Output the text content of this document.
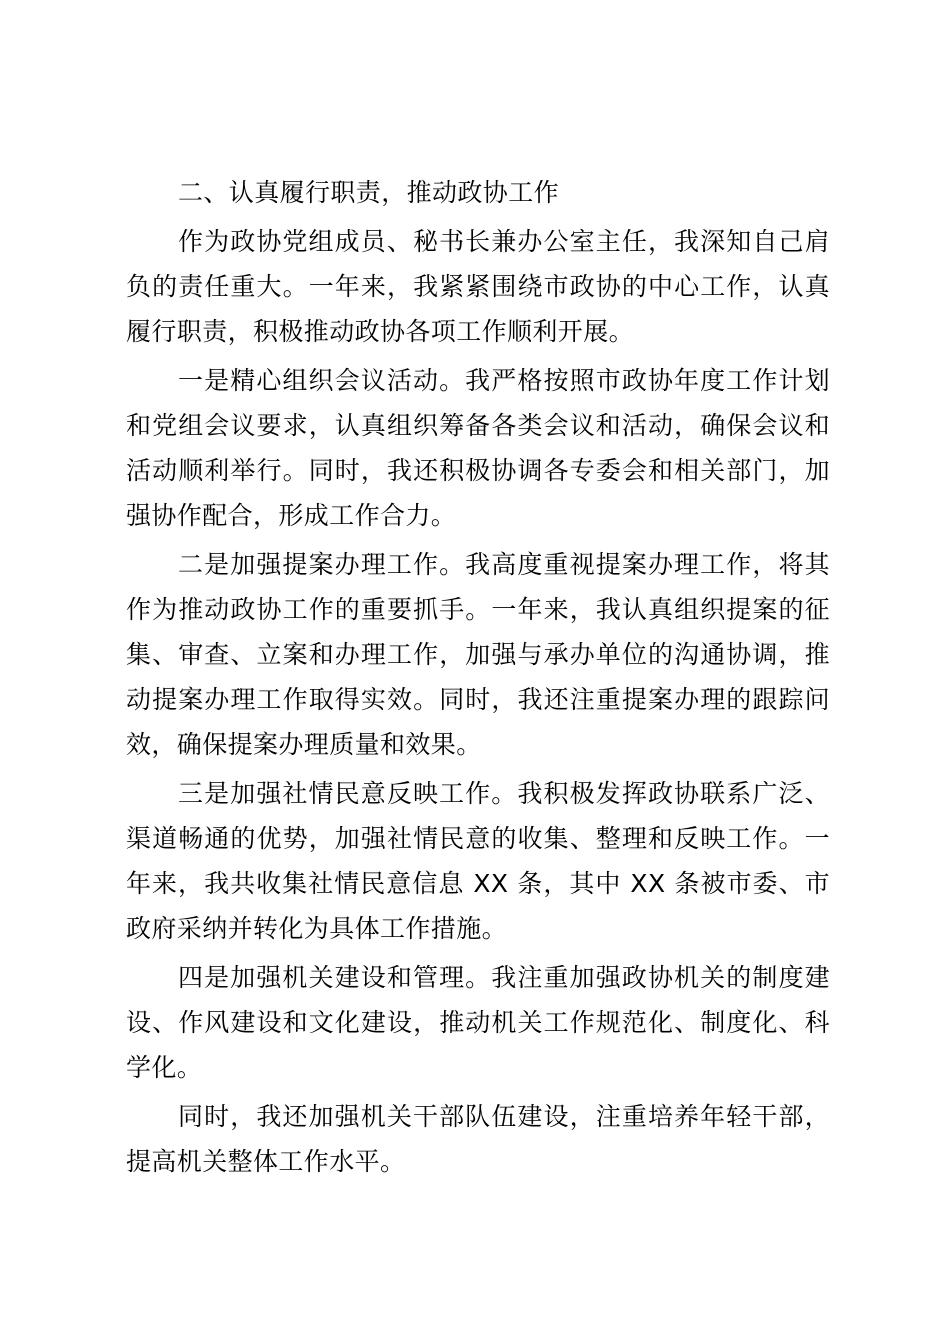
二、认真履行职责，推动政协工作

作为政协党组成员、秘书长兼办公室主任，我深知自己肩负的责任重大。一年来，我紧紧围绕市政协的中心工作，认真履行职责，积极推动政协各项工作顺利开展。

一是精心组织会议活动。我严格按照市政协年度工作计划和党组会议要求，认真组织筹备各类会议和活动，确保会议和活动顺利举行。同时，我还积极协调各专委会和相关部门，加强协作配合，形成工作合力。

二是加强提案办理工作。我高度重视提案办理工作，将其作为推动政协工作的重要抓手。一年来，我认真组织提案的征集、审查、立案和办理工作，加强与承办单位的沟通协调，推动提案办理工作取得实效。同时，我还注重提案办理的跟踪问效，确保提案办理质量和效果。

三是加强社情民意反映工作。我积极发挥政协联系广泛、渠道畅通的优势，加强社情民意的收集、整理和反映工作。一年来，我共收集社情民意信息 XX 条，其中 XX 条被市委、市政府采纳并转化为具体工作措施。

四是加强机关建设和管理。我注重加强政协机关的制度建设、作风建设和文化建设，推动机关工作规范化、制度化、科学化。

同时，我还加强机关干部队伍建设，注重培养年轻干部，提高机关整体工作水平。
